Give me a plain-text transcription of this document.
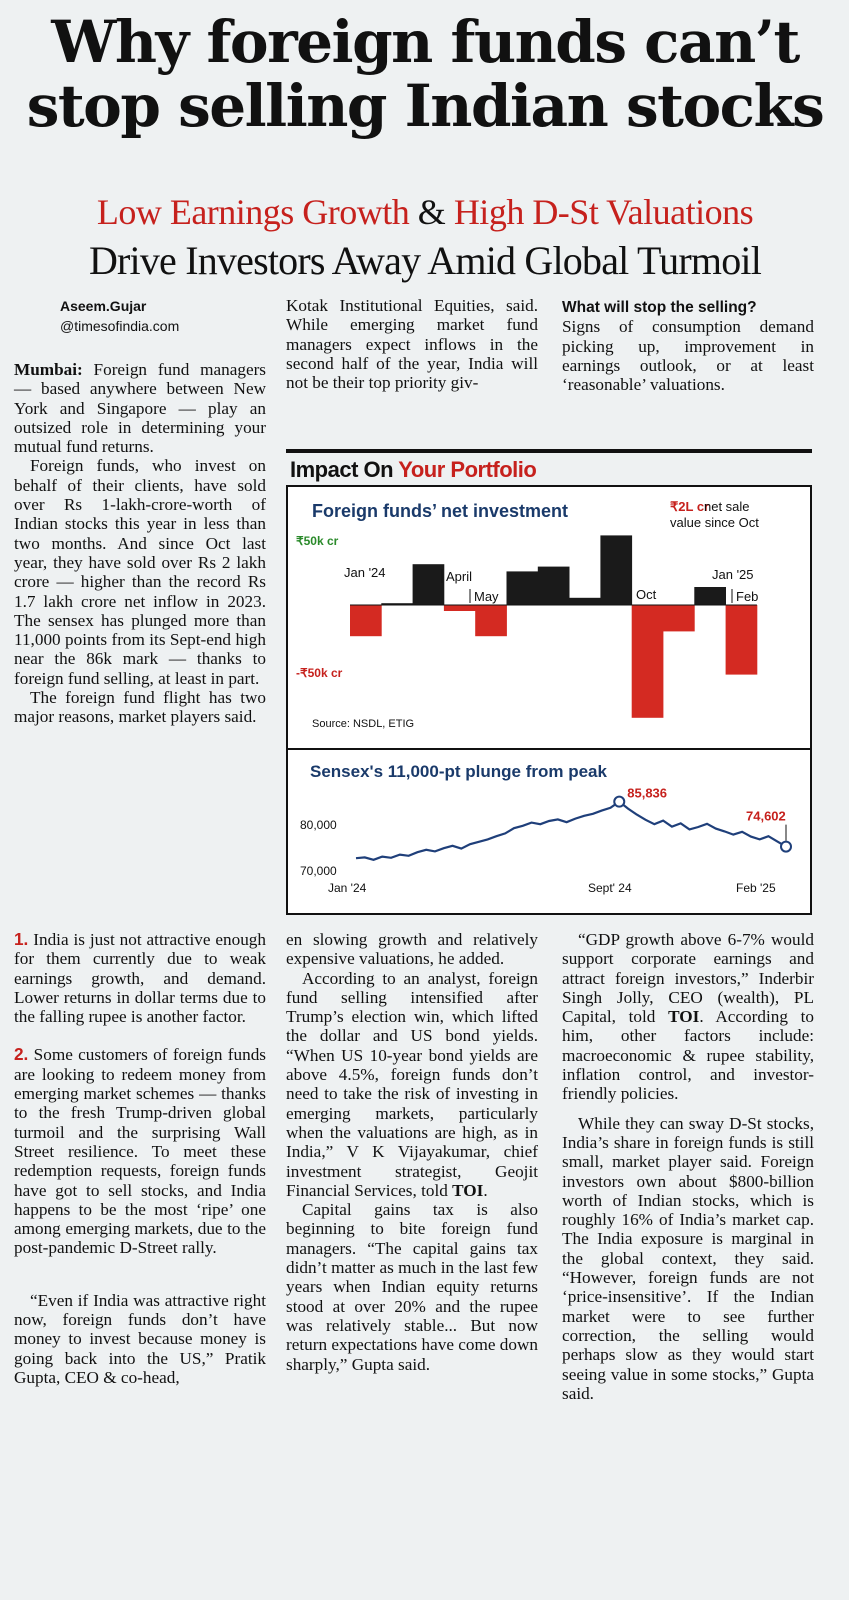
Why foreign funds can’t
stop selling Indian stocks
Low Earnings Growth & High D-St Valuations
Drive Investors Away Amid Global Turmoil
Aseem.Gujar
@timesofindia.com

Mumbai: Foreign fund managers — based anywhere between New York and Singapore — play an outsized role in determining your mutual fund returns.

Foreign funds, who invest on behalf of their clients, have sold over Rs 1-lakh-crore-worth of Indian stocks this year in less than two months. And since Oct last year, they have sold over Rs 2 lakh crore — higher than the record Rs 1.7 lakh crore net inflow in 2023. The sensex has plunged more than 11,000 points from its Sept-end high near the 86k mark — thanks to foreign fund selling, at least in part.

The foreign fund flight has two major reasons, market players said.

1. India is just not attractive enough for them currently due to weak earnings growth, and demand. Lower returns in dollar terms due to the falling rupee is another factor.

2. Some customers of foreign funds are looking to redeem money from emerging market schemes — thanks to the fresh Trump-driven global turmoil and the surprising Wall Street resilience. To meet these redemption requests, foreign funds have got to sell stocks, and India happens to be the most ‘ripe’ one among emerging markets, due to the post-pandemic D-Street rally.

“Even if India was attractive right now, foreign funds don’t have money to invest because money is going back into the US,” Pratik Gupta, CEO & co-head,

Kotak Institutional Equities, said. While emerging market fund managers expect inflows in the second half of the year, India will not be their top priority giv-

What will stop the selling?

Signs of consumption demand picking up, improvement in earnings outlook, or at least ‘reasonable’ valuations.

Impact On Your Portfolio
Foreign funds’ net investment	₹2L cr
net sale
value since Oct
₹50k cr
-₹50k cr
Jan '24	April
May	Oct
Jan '25
Feb
Source: NSDL, ETIG
Sensex's 11,000-pt plunge from peak
80,000
70,000
85,836
74,602
Jan '24	Sept' 24	Feb '25

en slowing growth and relatively expensive valuations, he added.

According to an analyst, foreign fund selling intensified after Trump’s election win, which lifted the dollar and US bond yields. “When US 10-year bond yields are above 4.5%, foreign funds don’t need to take the risk of investing in emerging markets, particularly when the valuations are high, as in India,” V K Vijayakumar, chief investment strategist, Geojit Financial Services, told TOI.

Capital gains tax is also beginning to bite foreign fund managers. “The capital gains tax didn’t matter as much in the last few years when Indian equity returns stood at over 20% and the rupee was relatively stable... But now return expectations have come down sharply,” Gupta said.

“GDP growth above 6-7% would support corporate earnings and attract foreign investors,” Inderbir Singh Jolly, CEO (wealth), PL Capital, told TOI. According to him, other factors include: macroeconomic & rupee stability, inflation control, and investor-friendly policies.

While they can sway D-St stocks, India’s share in foreign funds is still small, market player said. Foreign investors own about $800-billion worth of Indian stocks, which is roughly 16% of India’s market cap. The India exposure is marginal in the global context, they said. “However, foreign funds are not ‘price-insensitive’. If the Indian market were to see further correction, the selling would perhaps slow as they would start seeing value in some stocks,” Gupta said.
